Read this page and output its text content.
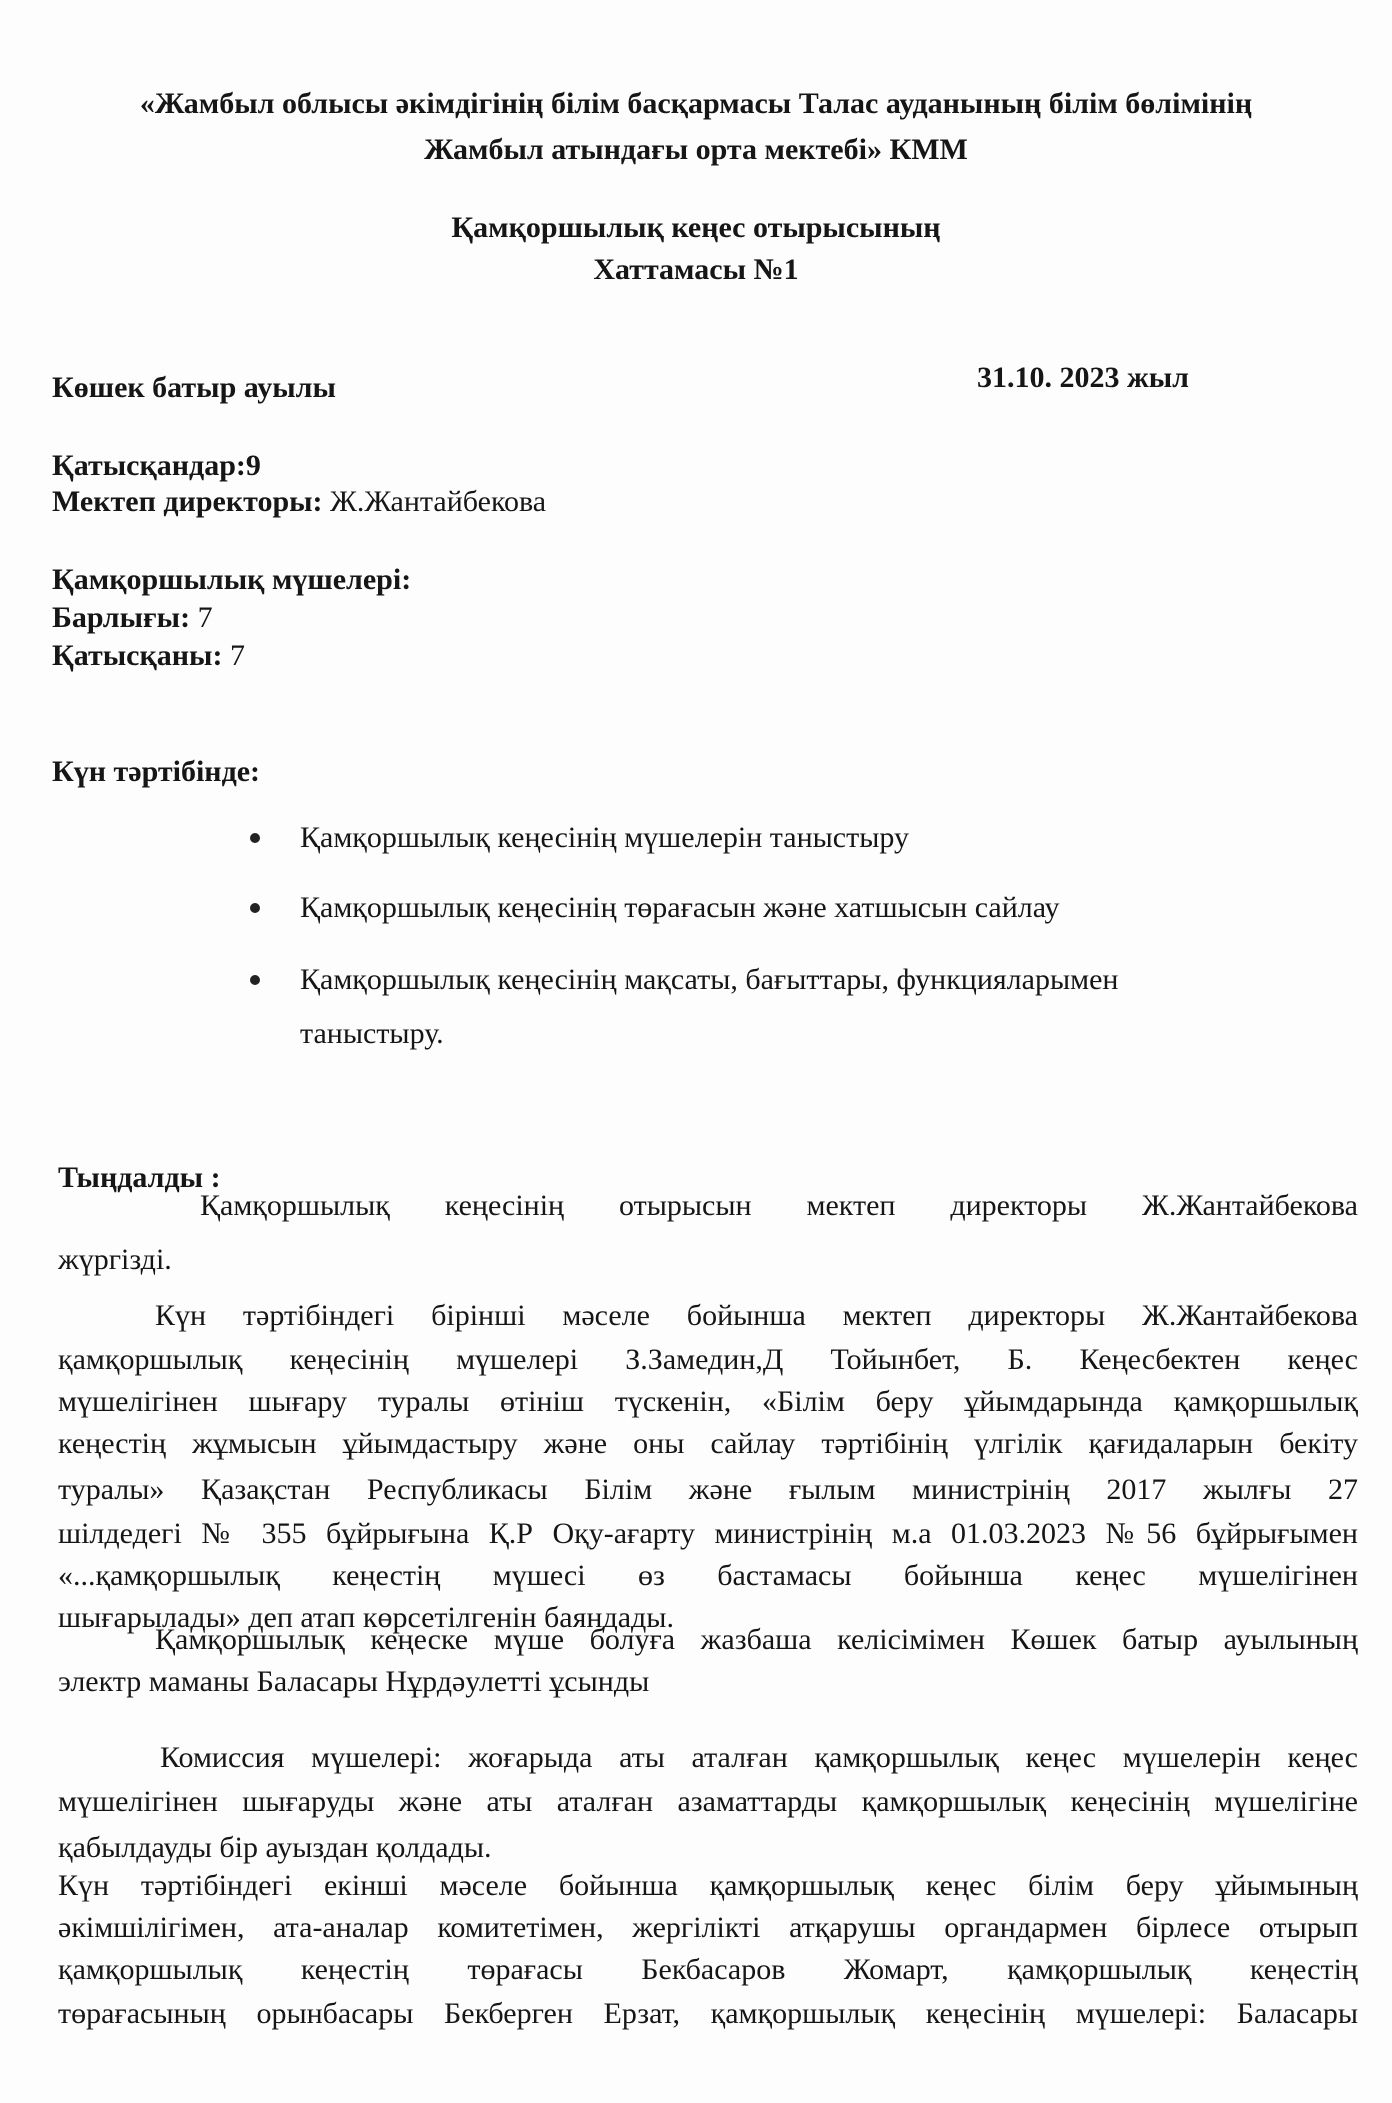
«Жамбыл облысы әкімдігінің білім басқармасы Талас ауданының білім бөлімінің
Жамбыл атындағы орта мектебі» КММ
Қамқоршылық кеңес отырысының
Хаттамасы №1
Көшек батыр ауылы	31.10. 2023 жыл
Қатысқандар:9
Мектеп директоры: Ж.Жантайбекова
Қамқоршылық мүшелері:
Барлығы: 7
Қатысқаны: 7
Күн тәртібінде:
Қамқоршылық кеңесінің мүшелерін таныстыру
Қамқоршылық кеңесінің төрағасын және хатшысын сайлау
Қамқоршылық кеңесінің мақсаты, бағыттары, функцияларымен
таныстыру.
Тыңдалды :
Қамқоршылық кеңесінің отырысын мектеп директоры Ж.Жантайбекова
жүргізді.
Күн тәртібіндегі бірінші мәселе бойынша мектеп директоры Ж.Жантайбекова
қамқоршылық кеңесінің мүшелері З.Замедин,Д Тойынбет, Б. Кеңесбектен кеңес
мүшелігінен шығару туралы өтініш түскенін, «Білім беру ұйымдарында қамқоршылық
кеңестің жұмысын ұйымдастыру және оны сайлау тәртібінің үлгілік қағидаларын бекіту
туралы» Қазақстан Республикасы Білім және ғылым министрінің 2017 жылғы 27
шілдедегі № 355 бұйрығына Қ.Р Оқу-ағарту министрінің м.а 01.03.2023 №56 бұйрығымен
«...қамқоршылық кеңестің мүшесі өз бастамасы бойынша кеңес мүшелігінен
шығарылады» деп атап көрсетілгенін баяндады.
Қамқоршылық кеңеске мүше болуға жазбаша келісімімен Көшек батыр ауылының
электр маманы Баласары Нұрдәулетті ұсынды
Комиссия мүшелері: жоғарыда аты аталған қамқоршылық кеңес мүшелерін кеңес
мүшелігінен шығаруды және аты аталған азаматтарды қамқоршылық кеңесінің мүшелігіне
қабылдауды бір ауыздан қолдады.
Күн тәртібіндегі екінші мәселе бойынша қамқоршылық кеңес білім беру ұйымының
әкімшілігімен, ата-аналар комитетімен, жергілікті атқарушы органдармен бірлесе отырып
қамқоршылық кеңестің төрағасы Бекбасаров Жомарт, қамқоршылық кеңестің
төрағасының орынбасары Бекберген Ерзат, қамқоршылық кеңесінің мүшелері: Баласары
